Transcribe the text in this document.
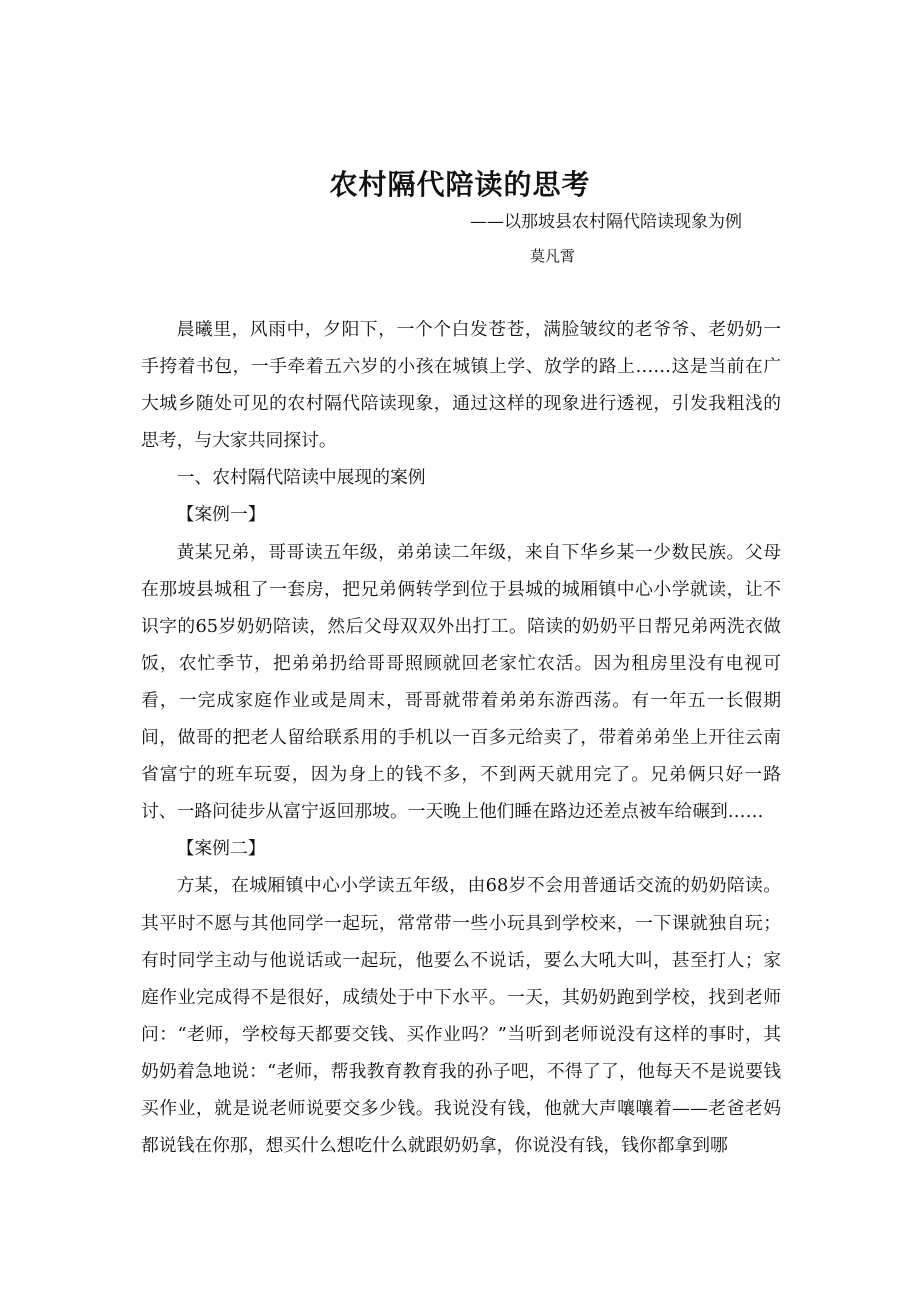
农村隔代陪读的思考

——以那坡县农村隔代陪读现象为例

莫凡霄

晨曦里，风雨中，夕阳下，一个个白发苍苍，满脸皱纹的老爷爷、老奶奶一手挎着书包，一手牵着五六岁的小孩在城镇上学、放学的路上……这是当前在广大城乡随处可见的农村隔代陪读现象，通过这样的现象进行透视，引发我粗浅的思考，与大家共同探讨。

一、农村隔代陪读中展现的案例

【案例一】

黄某兄弟，哥哥读五年级，弟弟读二年级，来自下华乡某一少数民族。父母在那坡县城租了一套房，把兄弟俩转学到位于县城的城厢镇中心小学就读，让不识字的65岁奶奶陪读，然后父母双双外出打工。陪读的奶奶平日帮兄弟两洗衣做饭，农忙季节，把弟弟扔给哥哥照顾就回老家忙农活。因为租房里没有电视可看，一完成家庭作业或是周末，哥哥就带着弟弟东游西荡。有一年五一长假期间，做哥的把老人留给联系用的手机以一百多元给卖了，带着弟弟坐上开往云南省富宁的班车玩耍，因为身上的钱不多，不到两天就用完了。兄弟俩只好一路讨、一路问徒步从富宁返回那坡。一天晚上他们睡在路边还差点被车给碾到……

【案例二】

方某，在城厢镇中心小学读五年级，由68岁不会用普通话交流的奶奶陪读。其平时不愿与其他同学一起玩，常常带一些小玩具到学校来，一下课就独自玩；有时同学主动与他说话或一起玩，他要么不说话，要么大吼大叫，甚至打人；家庭作业完成得不是很好，成绩处于中下水平。一天，其奶奶跑到学校，找到老师问：“老师，学校每天都要交钱、买作业吗？”当听到老师说没有这样的事时，其奶奶着急地说：“老师，帮我教育教育我的孙子吧，不得了了，他每天不是说要钱买作业，就是说老师说要交多少钱。我说没有钱，他就大声嚷嚷着——老爸老妈都说钱在你那，想买什么想吃什么就跟奶奶拿，你说没有钱，钱你都拿到哪
